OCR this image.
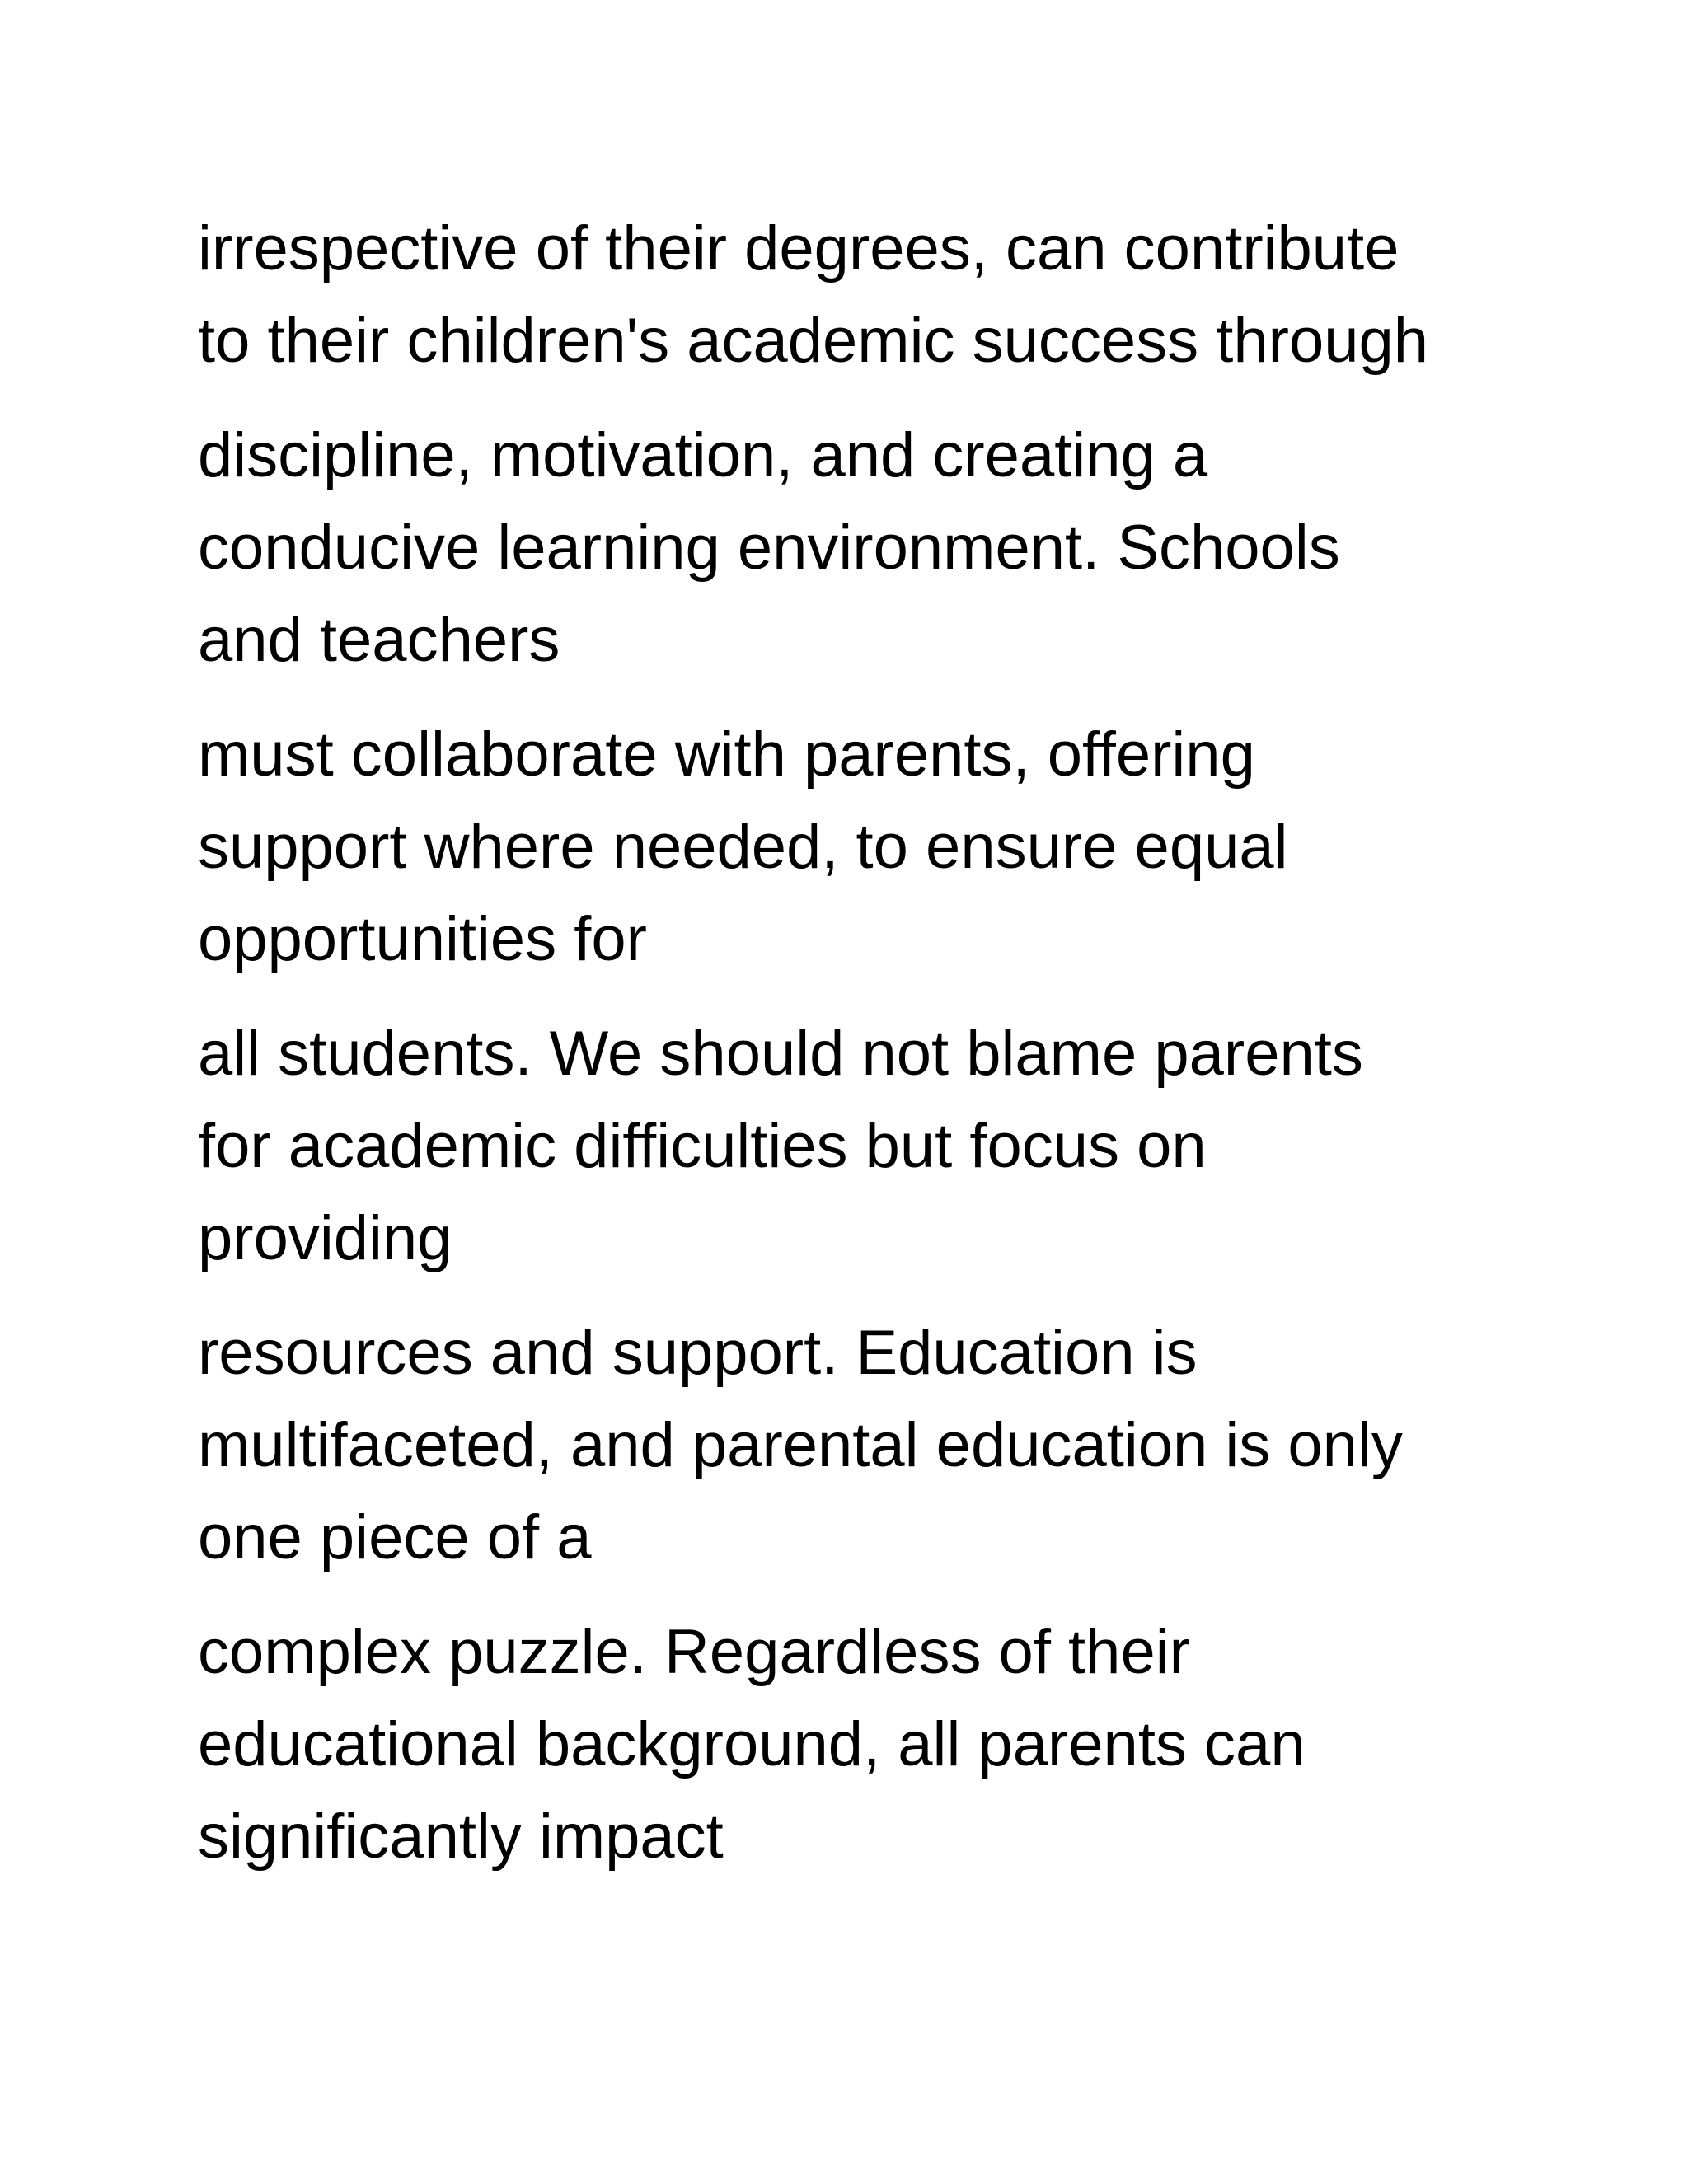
irrespective of their degrees, can contribute
to their children's academic success through

discipline, motivation, and creating a
conducive learning environment. Schools
and teachers

must collaborate with parents, offering
support where needed, to ensure equal
opportunities for

all students. We should not blame parents
for academic difficulties but focus on
providing

resources and support. Education is
multifaceted, and parental education is only
one piece of a

complex puzzle. Regardless of their
educational background, all parents can
significantly impact
